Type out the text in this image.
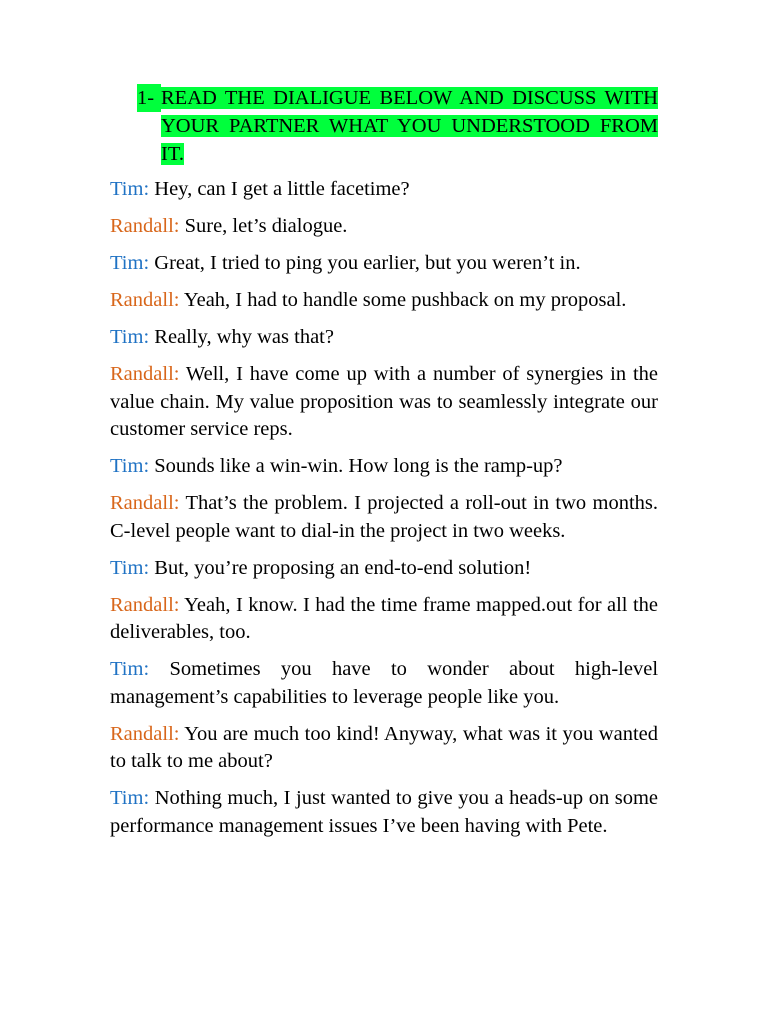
1- READ THE DIALIGUE BELOW AND DISCUSS WITH YOUR PARTNER WHAT YOU UNDERSTOOD FROM IT.
Tim: Hey, can I get a little facetime?
Randall: Sure, let’s dialogue.
Tim: Great, I tried to ping you earlier, but you weren’t in.
Randall: Yeah, I had to handle some pushback on my proposal.
Tim: Really, why was that?
Randall: Well, I have come up with a number of synergies in the value chain. My value proposition was to seamlessly integrate our customer service reps.
Tim: Sounds like a win-win. How long is the ramp-up?
Randall: That’s the problem. I projected a roll-out in two months. C-level people want to dial-in the project in two weeks.
Tim: But, you’re proposing an end-to-end solution!
Randall: Yeah, I know. I had the time frame mapped.out for all the deliverables, too.
Tim: Sometimes you have to wonder about high-level management’s capabilities to leverage people like you.
Randall: You are much too kind! Anyway, what was it you wanted to talk to me about?
Tim: Nothing much, I just wanted to give you a heads-up on some performance management issues I’ve been having with Pete.
